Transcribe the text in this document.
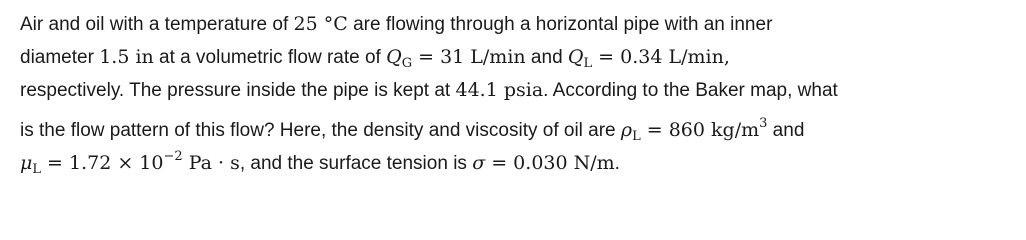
Air and oil with a temperature of 25 °C are flowing through a horizontal pipe with an inner
diameter 1.5 in at a volumetric flow rate of $Q_G = 31$ L/min and $Q_L = 0.34$ L/min,
respectively. The pressure inside the pipe is kept at 44.1 psia. According to the Baker map, what
is the flow pattern of this flow? Here, the density and viscosity of oil are $\rho_L = 860$ $kg/m^3$ and
$\mu_L = 1.72 \times 10^{-2}$ Pa · s, and the surface tension is σ = 0.030 N/m.
